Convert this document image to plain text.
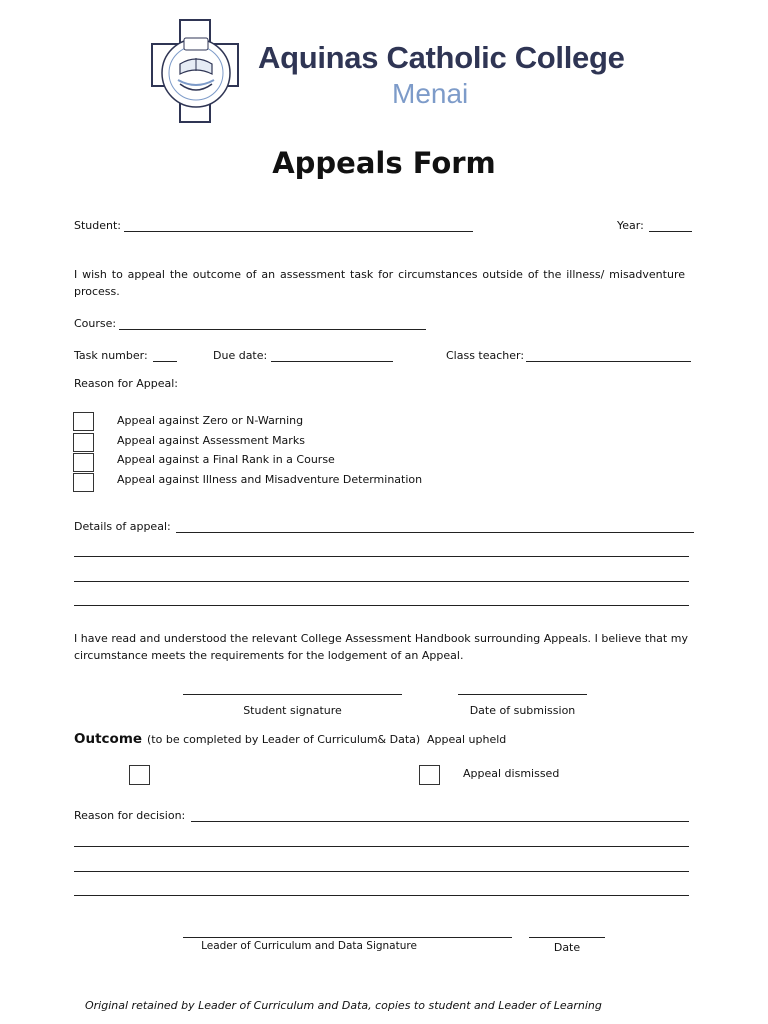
Aquinas Catholic College
Menai
Appeals Form
Student:	Year:
I wish to appeal the outcome of an assessment task for circumstances outside of the illness/ misadventure process.
Course:
Task number:	Due date:	Class teacher:
Reason for Appeal:
Appeal against Zero or N-Warning
Appeal against Assessment Marks
Appeal against a Final Rank in a Course
Appeal against Illness and Misadventure Determination
Details of appeal:
I have read and understood the relevant College Assessment Handbook surrounding Appeals. I believe that my circumstance meets the requirements for the lodgement of an Appeal.
Student signature	Date of submission
Outcome (to be completed by Leader of Curriculum& Data) Appeal upheld
Appeal dismissed
Reason for decision:
Leader of Curriculum and Data Signature	Date
Original retained by Leader of Curriculum and Data, copies to student and Leader of Learning
